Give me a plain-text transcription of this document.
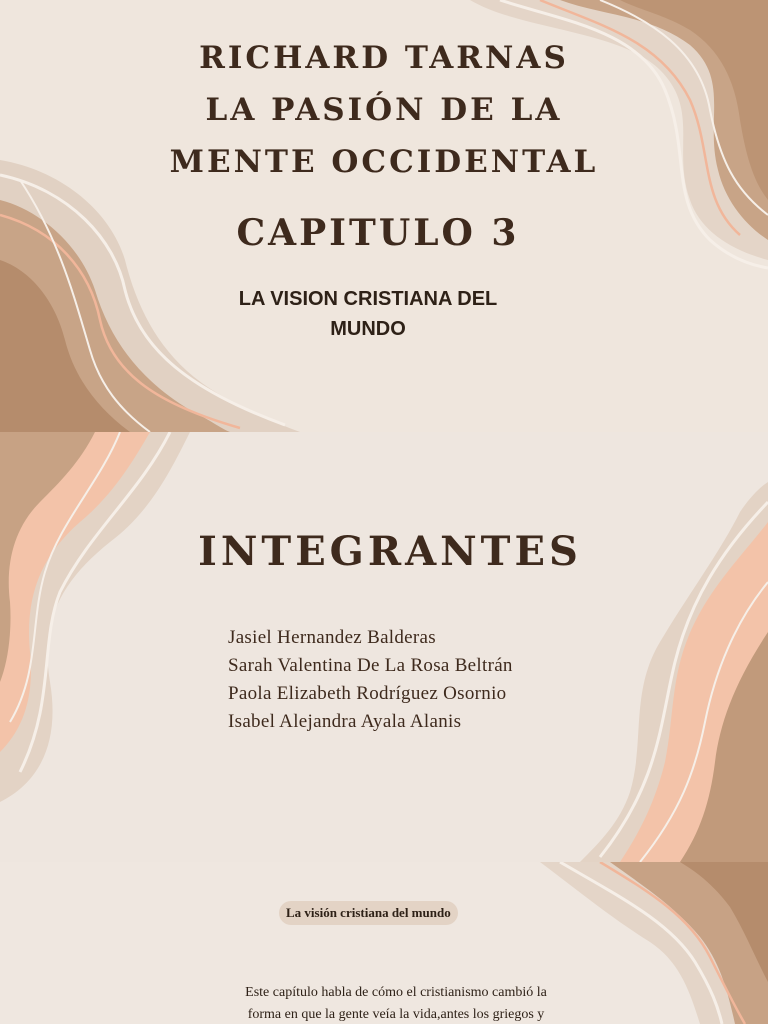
RICHARD TARNAS
LA PASIÓN DE LA
MENTE OCCIDENTAL
CAPITULO 3
LA VISION CRISTIANA DEL
MUNDO
INTEGRANTES
Jasiel Hernandez Balderas
Sarah Valentina De La Rosa Beltrán
Paola Elizabeth Rodríguez Osornio
Isabel Alejandra Ayala Alanis
La visión cristiana del mundo

Este capítulo habla de cómo el cristianismo cambió la
forma en que la gente veía la vida,antes los griegos y
